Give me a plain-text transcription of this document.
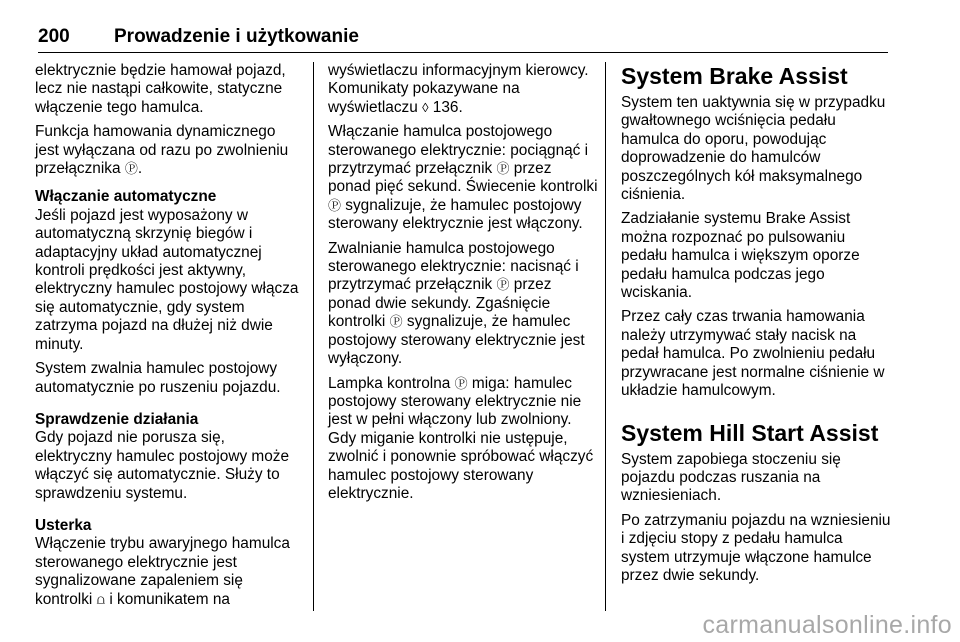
200 Prowadzenie i użytkowanie

elektrycznie będzie hamował pojazd, lecz nie nastąpi całkowite, statyczne włączenie tego hamulca.

Funkcja hamowania dynamicznego jest wyłączana od razu po zwolnieniu przełącznika Ⓟ.

Włączanie automatyczne

Jeśli pojazd jest wyposażony w automatyczną skrzynię biegów i adaptacyjny układ automatycznej kontroli prędkości jest aktywny, elektryczny hamulec postojowy włącza się automatycznie, gdy system zatrzyma pojazd na dłużej niż dwie minuty.

System zwalnia hamulec postojowy automatycznie po ruszeniu pojazdu.

Sprawdzenie działania

Gdy pojazd nie porusza się, elektryczny hamulec postojowy może włączyć się automatycznie. Służy to sprawdzeniu systemu.

Usterka

Włączenie trybu awaryjnego hamulca sterowanego elektrycznie jest sygnalizowane zapaleniem się kontrolki ⩍ i komunikatem na

wyświetlaczu informacyjnym kierowcy. Komunikaty pokazywane na wyświetlaczu ◊ 136.

Włączanie hamulca postojowego sterowanego elektrycznie: pociągnąć i przytrzymać przełącznik Ⓟ przez ponad pięć sekund. Świecenie kontrolki Ⓟ sygnalizuje, że hamulec postojowy sterowany elektrycznie jest włączony.

Zwalnianie hamulca postojowego sterowanego elektrycznie: nacisnąć i przytrzymać przełącznik Ⓟ przez ponad dwie sekundy. Zgaśnięcie kontrolki Ⓟ sygnalizuje, że hamulec postojowy sterowany elektrycznie jest wyłączony.

Lampka kontrolna Ⓟ miga: hamulec postojowy sterowany elektrycznie nie jest w pełni włączony lub zwolniony. Gdy miganie kontrolki nie ustępuje, zwolnić i ponownie spróbować włączyć hamulec postojowy sterowany elektrycznie.

System Brake Assist

System ten uaktywnia się w przypadku gwałtownego wciśnięcia pedału hamulca do oporu, powodując doprowadzenie do hamulców poszczególnych kół maksymalnego ciśnienia.

Zadziałanie systemu Brake Assist można rozpoznać po pulsowaniu pedału hamulca i większym oporze pedału hamulca podczas jego wciskania.

Przez cały czas trwania hamowania należy utrzymywać stały nacisk na pedał hamulca. Po zwolnieniu pedału przywracane jest normalne ciśnienie w układzie hamulcowym.

System Hill Start Assist

System zapobiega stoczeniu się pojazdu podczas ruszania na wzniesieniach.

Po zatrzymaniu pojazdu na wzniesieniu i zdjęciu stopy z pedału hamulca system utrzymuje włączone hamulce przez dwie sekundy.

carmanualsonline.info
